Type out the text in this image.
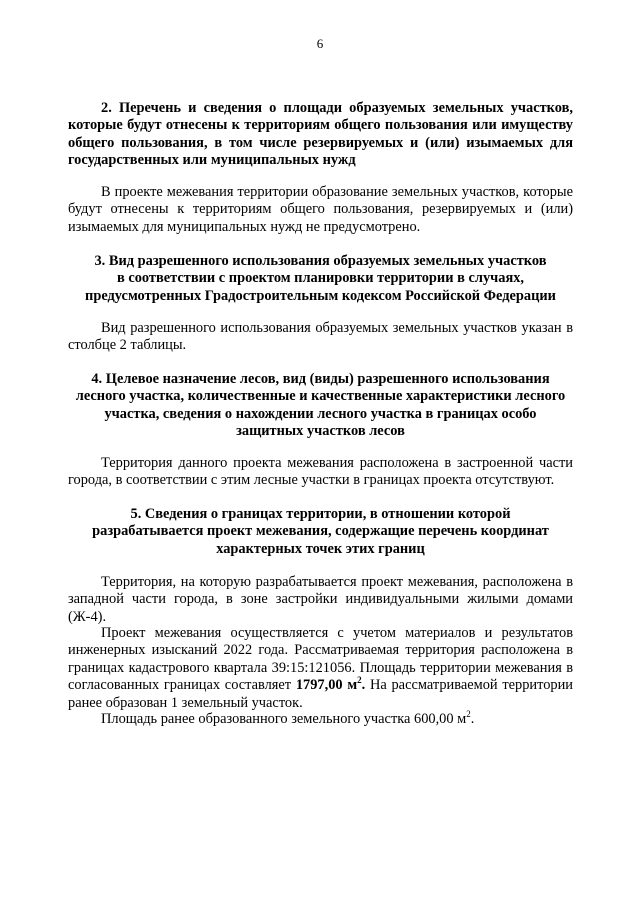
6
2. Перечень и сведения о площади образуемых земельных участков, которые будут отнесены к территориям общего пользования или имуществу общего пользования, в том числе резервируемых и (или) изымаемых для государственных или муниципальных нужд
В проекте межевания территории образование земельных участков, которые будут отнесены к территориям общего пользования, резервируемых и (или) изымаемых для муниципальных нужд не предусмотрено.
3. Вид разрешенного использования образуемых земельных участков
в соответствии с проектом планировки территории в случаях,
предусмотренных Градостроительным кодексом Российской Федерации
Вид разрешенного использования образуемых земельных участков указан в столбце 2 таблицы.
4. Целевое назначение лесов, вид (виды) разрешенного использования
лесного участка, количественные и качественные характеристики лесного
участка, сведения о нахождении лесного участка в границах особо
защитных участков лесов
Территория данного проекта межевания расположена в застроенной части города, в соответствии с этим лесные участки в границах проекта отсутствуют.
5. Сведения о границах территории, в отношении которой
разрабатывается проект межевания, содержащие перечень координат
характерных точек этих границ
Территория, на которую разрабатывается проект межевания, расположена в западной части города, в зоне застройки индивидуальными жилыми домами (Ж-4).
Проект межевания осуществляется с учетом материалов и результатов инженерных изысканий 2022 года. Рассматриваемая территория расположена в границах кадастрового квартала 39:15:121056. Площадь территории межевания в согласованных границах составляет 1797,00 $м^2$. На рассматриваемой территории ранее образован 1 земельный участок.
Площадь ранее образованного земельного участка 600,00 $м^2$.
